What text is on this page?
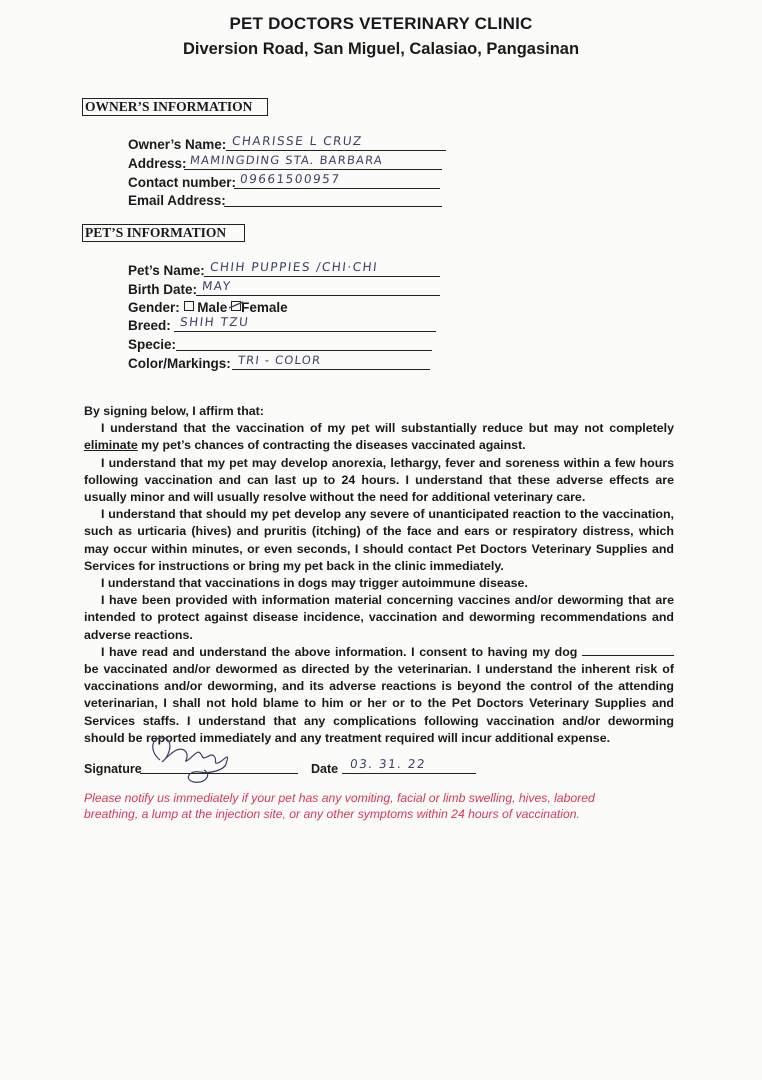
PET DOCTORS VETERINARY CLINIC
Diversion Road, San Miguel, Calasiao, Pangasinan
OWNER’S INFORMATION
Owner’s Name: CHARISSE L CRUZ
Address: MAMINGDING STA. BARBARA
Contact number: 09661500957
Email Address:
PET’S INFORMATION
Pet’s Name: CHIH PUPPIES /CHI·CHI
Birth Date: MAY
Gender: Male Female
Breed: SHIH TZU
Specie:
Color/Markings: TRI - COLOR

By signing below, I affirm that:

I understand that the vaccination of my pet will substantially reduce but may not completely eliminate my pet’s chances of contracting the diseases vaccinated against.

I understand that my pet may develop anorexia, lethargy, fever and soreness within a few hours following vaccination and can last up to 24 hours. I understand that these adverse effects are usually minor and will usually resolve without the need for additional veterinary care.

I understand that should my pet develop any severe of unanticipated reaction to the vaccination, such as urticaria (hives) and pruritis (itching) of the face and ears or respiratory distress, which may occur within minutes, or even seconds, I should contact Pet Doctors Veterinary Supplies and Services for instructions or bring my pet back in the clinic immediately.

I understand that vaccinations in dogs may trigger autoimmune disease.

I have been provided with information material concerning vaccines and/or deworming that are intended to protect against disease incidence, vaccination and deworming recommendations and adverse reactions.

I have read and understand the above information. I consent to having my dog  be vaccinated and/or dewormed as directed by the veterinarian. I understand the inherent risk of vaccinations and/or deworming, and its adverse reactions is beyond the control of the attending veterinarian, I shall not hold blame to him or her or to the Pet Doctors Veterinary Supplies and Services staffs. I understand that any complications following vaccination and/or deworming should be reported immediately and any treatment required will incur additional expense.

Signature	Date 03. 31. 22
Please notify us immediately if your pet has any vomiting, facial or limb swelling, hives, labored breathing, a lump at the injection site, or any other symptoms within 24 hours of vaccination.
